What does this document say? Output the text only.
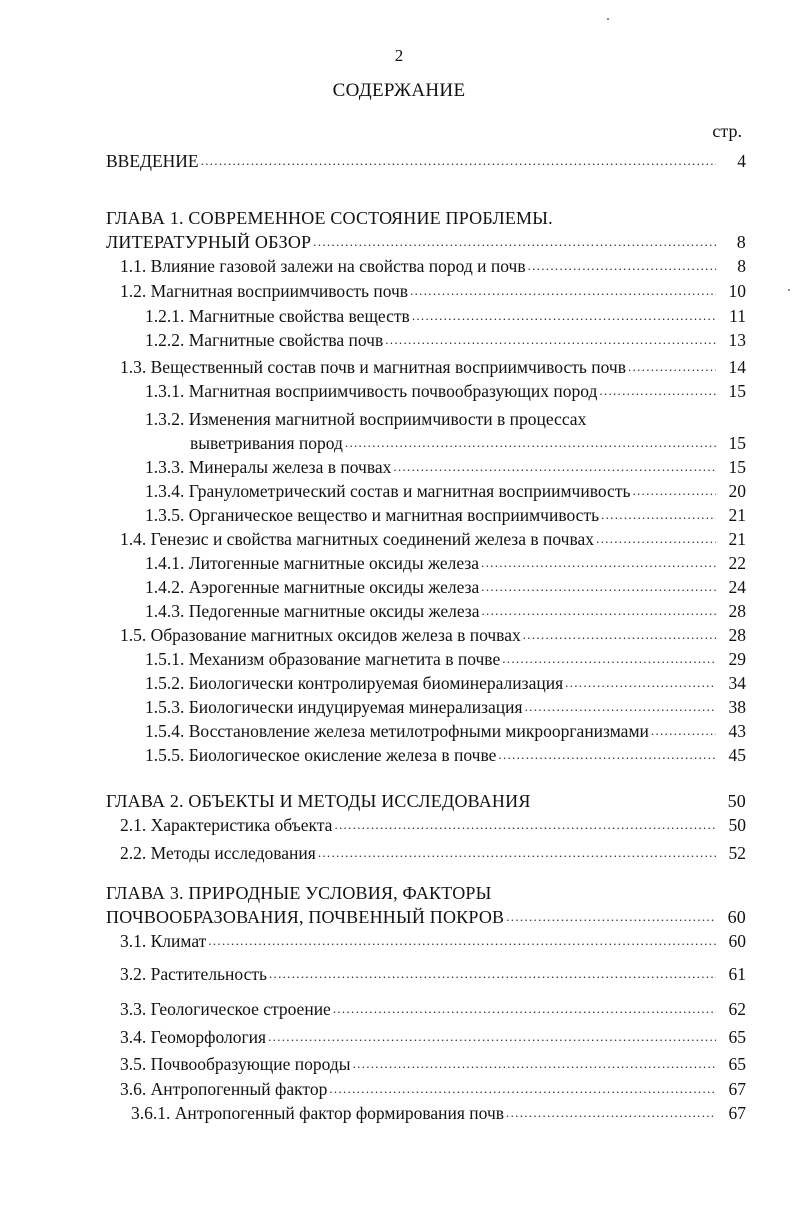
2
СОДЕРЖАНИЕ
стр.
ВВЕДЕНИЕ .....	4
ГЛАВА 1. СОВРЕМЕННОЕ СОСТОЯНИЕ ПРОБЛЕМЫ.
ЛИТЕРАТУРНЫЙ ОБЗОР .....	8
1.1. Влияние газовой залежи на свойства пород и почв .....	8
1.2. Магнитная восприимчивость почв .....	10
1.2.1. Магнитные свойства веществ .....	11
1.2.2. Магнитные свойства почв .....	13
1.3. Вещественный состав почв и магнитная восприимчивость почв .....	14
1.3.1. Магнитная восприимчивость почвообразующих пород .....	15
1.3.2. Изменения магнитной восприимчивости в процессах
выветривания пород .....	15
1.3.3. Минералы железа в почвах .....	15
1.3.4. Гранулометрический состав и магнитная восприимчивость .....	20
1.3.5. Органическое вещество и магнитная восприимчивость .....	21
1.4. Генезис и свойства магнитных соединений железа в почвах .....	21
1.4.1. Литогенные магнитные оксиды железа .....	22
1.4.2. Аэрогенные магнитные оксиды железа .....	24
1.4.3. Педогенные магнитные оксиды железа .....	28
1.5. Образование магнитных оксидов железа в почвах .....	28
1.5.1. Механизм образование магнетита в почве .....	29
1.5.2. Биологически контролируемая биоминерализация .....	34
1.5.3. Биологически индуцируемая минерализация .....	38
1.5.4. Восстановление железа метилотрофными микроорганизмами .....	43
1.5.5. Биологическое окисление железа в почве .....	45
ГЛАВА 2. ОБЪЕКТЫ И МЕТОДЫ ИССЛЕДОВАНИЯ	50
2.1. Характеристика объекта .....	50
2.2. Методы исследования .....	52
ГЛАВА 3. ПРИРОДНЫЕ УСЛОВИЯ, ФАКТОРЫ
ПОЧВООБРАЗОВАНИЯ, ПОЧВЕННЫЙ ПОКРОВ .....	60
3.1. Климат .....	60
3.2. Растительность .....	61
3.3. Геологическое строение .....	62
3.4. Геоморфология .....	65
3.5. Почвообразующие породы .....	65
3.6. Антропогенный фактор .....	67
3.6.1. Антропогенный фактор формирования почв .....	67
